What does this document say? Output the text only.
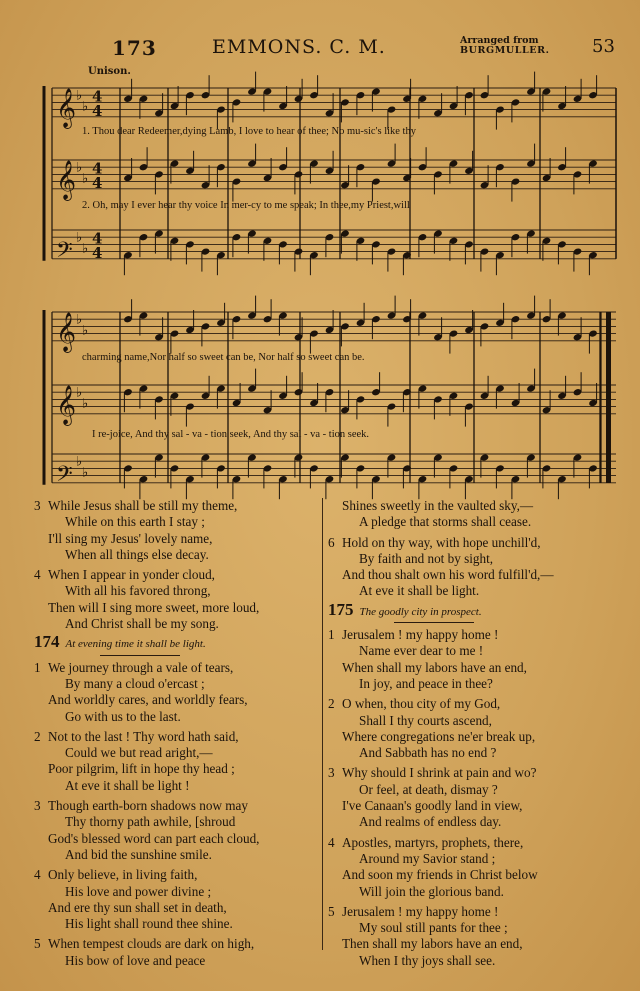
173	EMMONS. C. M.	Arranged from
BURGMULLER. 53
Unison.
𝄞 ♭
♭
4
4
𝄞 ♭
♭
4
4
𝄢 ♭
♭
4
4
𝄞 ♭
♭
𝄞 ♭
♭
𝄢 ♭
♭
1. Thou dear Redeemer,dying Lamb, I love to hear of thee; No mu-sic's like thy
2. Oh, may I ever hear thy voice In mer-cy to me speak; In thee,my Priest,will
charming name,Nor half so sweet can be, Nor half so sweet can be.
I re-joice, And thy sal - va - tion seek, And thy sal - va - tion seek.
3 While Jesus shall be still my theme,
While on this earth I stay ;
I'll sing my Jesus' lovely name,
When all things else decay.
4 When I appear in yonder cloud,
With all his favored throng,
Then will I sing more sweet, more loud,
And Christ shall be my song.
174 At evening time it shall be light.
1 We journey through a vale of tears,
By many a cloud o'ercast ;
And worldly cares, and worldly fears,
Go with us to the last.
2 Not to the last ! Thy word hath said,
Could we but read aright,—
Poor pilgrim, lift in hope thy head ;
At eve it shall be light !
3 Though earth-born shadows now may
Thy thorny path awhile, [shroud
God's blessed word can part each cloud,
And bid the sunshine smile.
4 Only believe, in living faith,
His love and power divine ;
And ere thy sun shall set in death,
His light shall round thee shine.
5 When tempest clouds are dark on high,
His bow of love and peace
Shines sweetly in the vaulted sky,—
A pledge that storms shall cease.
6 Hold on thy way, with hope unchill'd,
By faith and not by sight,
And thou shalt own his word fulfill'd,—
At eve it shall be light.
175 The goodly city in prospect.
1 Jerusalem ! my happy home !
Name ever dear to me !
When shall my labors have an end,
In joy, and peace in thee?
2 O when, thou city of my God,
Shall I thy courts ascend,
Where congregations ne'er break up,
And Sabbath has no end ?
3 Why should I shrink at pain and wo?
Or feel, at death, dismay ?
I've Canaan's goodly land in view,
And realms of endless day.
4 Apostles, martyrs, prophets, there,
Around my Savior stand ;
And soon my friends in Christ below
Will join the glorious band.
5 Jerusalem ! my happy home !
My soul still pants for thee ;
Then shall my labors have an end,
When I thy joys shall see.
